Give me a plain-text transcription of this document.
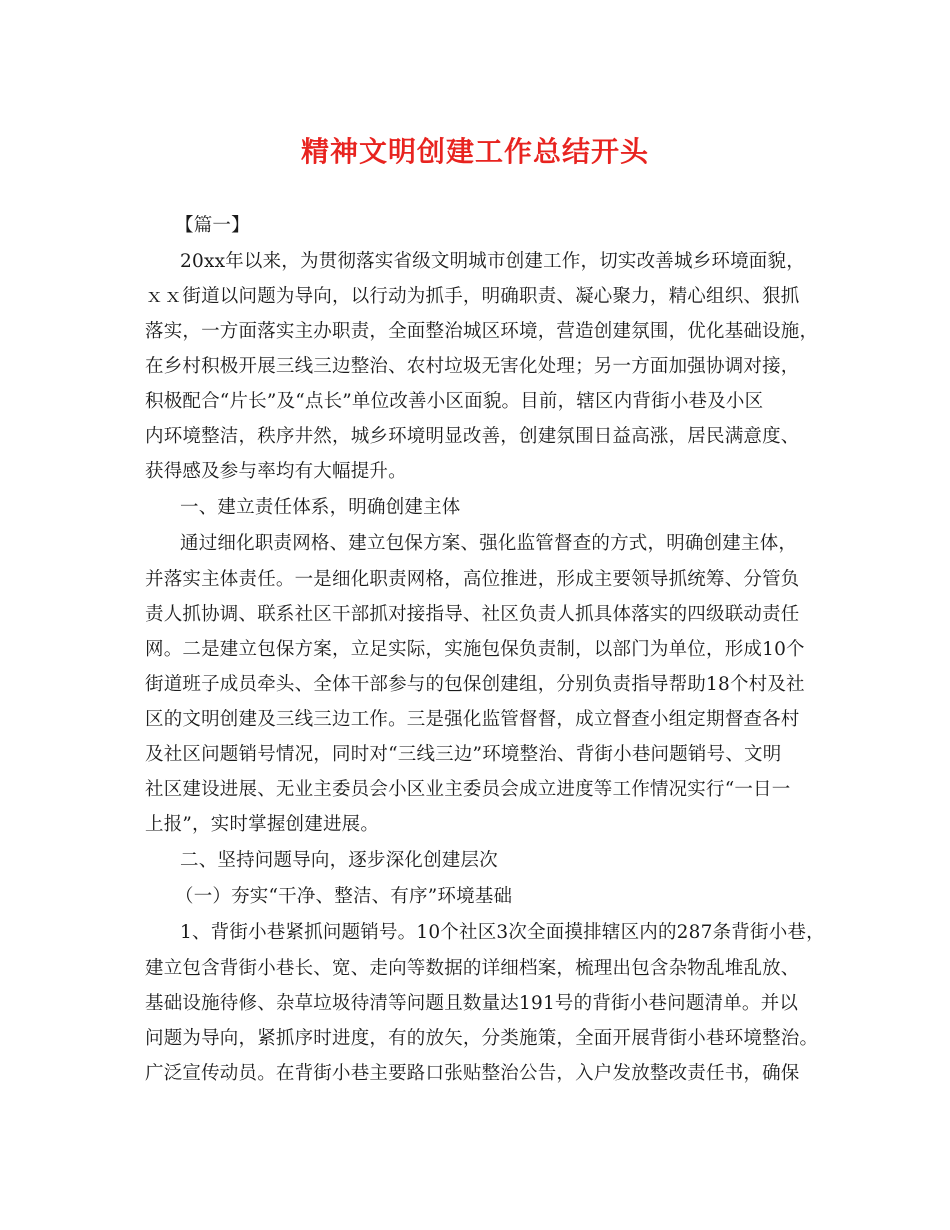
精神文明创建工作总结开头
【篇一】
20xx年以来，为贯彻落实省级文明城市创建工作，切实改善城乡环境面貌，
ｘｘ街道以问题为导向，以行动为抓手，明确职责、凝心聚力，精心组织、狠抓
落实，一方面落实主办职责，全面整治城区环境，营造创建氛围，优化基础设施，
在乡村积极开展三线三边整治、农村垃圾无害化处理；另一方面加强协调对接，
积极配合“片长”及“点长”单位改善小区面貌。目前，辖区内背街小巷及小区
内环境整洁，秩序井然，城乡环境明显改善，创建氛围日益高涨，居民满意度、
获得感及参与率均有大幅提升。
一、建立责任体系，明确创建主体
通过细化职责网格、建立包保方案、强化监管督查的方式，明确创建主体，
并落实主体责任。一是细化职责网格，高位推进，形成主要领导抓统筹、分管负
责人抓协调、联系社区干部抓对接指导、社区负责人抓具体落实的四级联动责任
网。二是建立包保方案，立足实际，实施包保负责制，以部门为单位，形成10个
街道班子成员牵头、全体干部参与的包保创建组，分别负责指导帮助18个村及社
区的文明创建及三线三边工作。三是强化监管督督，成立督查小组定期督查各村
及社区问题销号情况，同时对“三线三边”环境整治、背街小巷问题销号、文明
社区建设进展、无业主委员会小区业主委员会成立进度等工作情况实行“一日一
上报”，实时掌握创建进展。
二、坚持问题导向，逐步深化创建层次
（一）夯实“干净、整洁、有序”环境基础
1、背街小巷紧抓问题销号。10个社区3次全面摸排辖区内的287条背街小巷，
建立包含背街小巷长、宽、走向等数据的详细档案，梳理出包含杂物乱堆乱放、
基础设施待修、杂草垃圾待清等问题且数量达191号的背街小巷问题清单。并以
问题为导向，紧抓序时进度，有的放矢，分类施策，全面开展背街小巷环境整治。
广泛宣传动员。在背街小巷主要路口张贴整治公告，入户发放整改责任书，确保
